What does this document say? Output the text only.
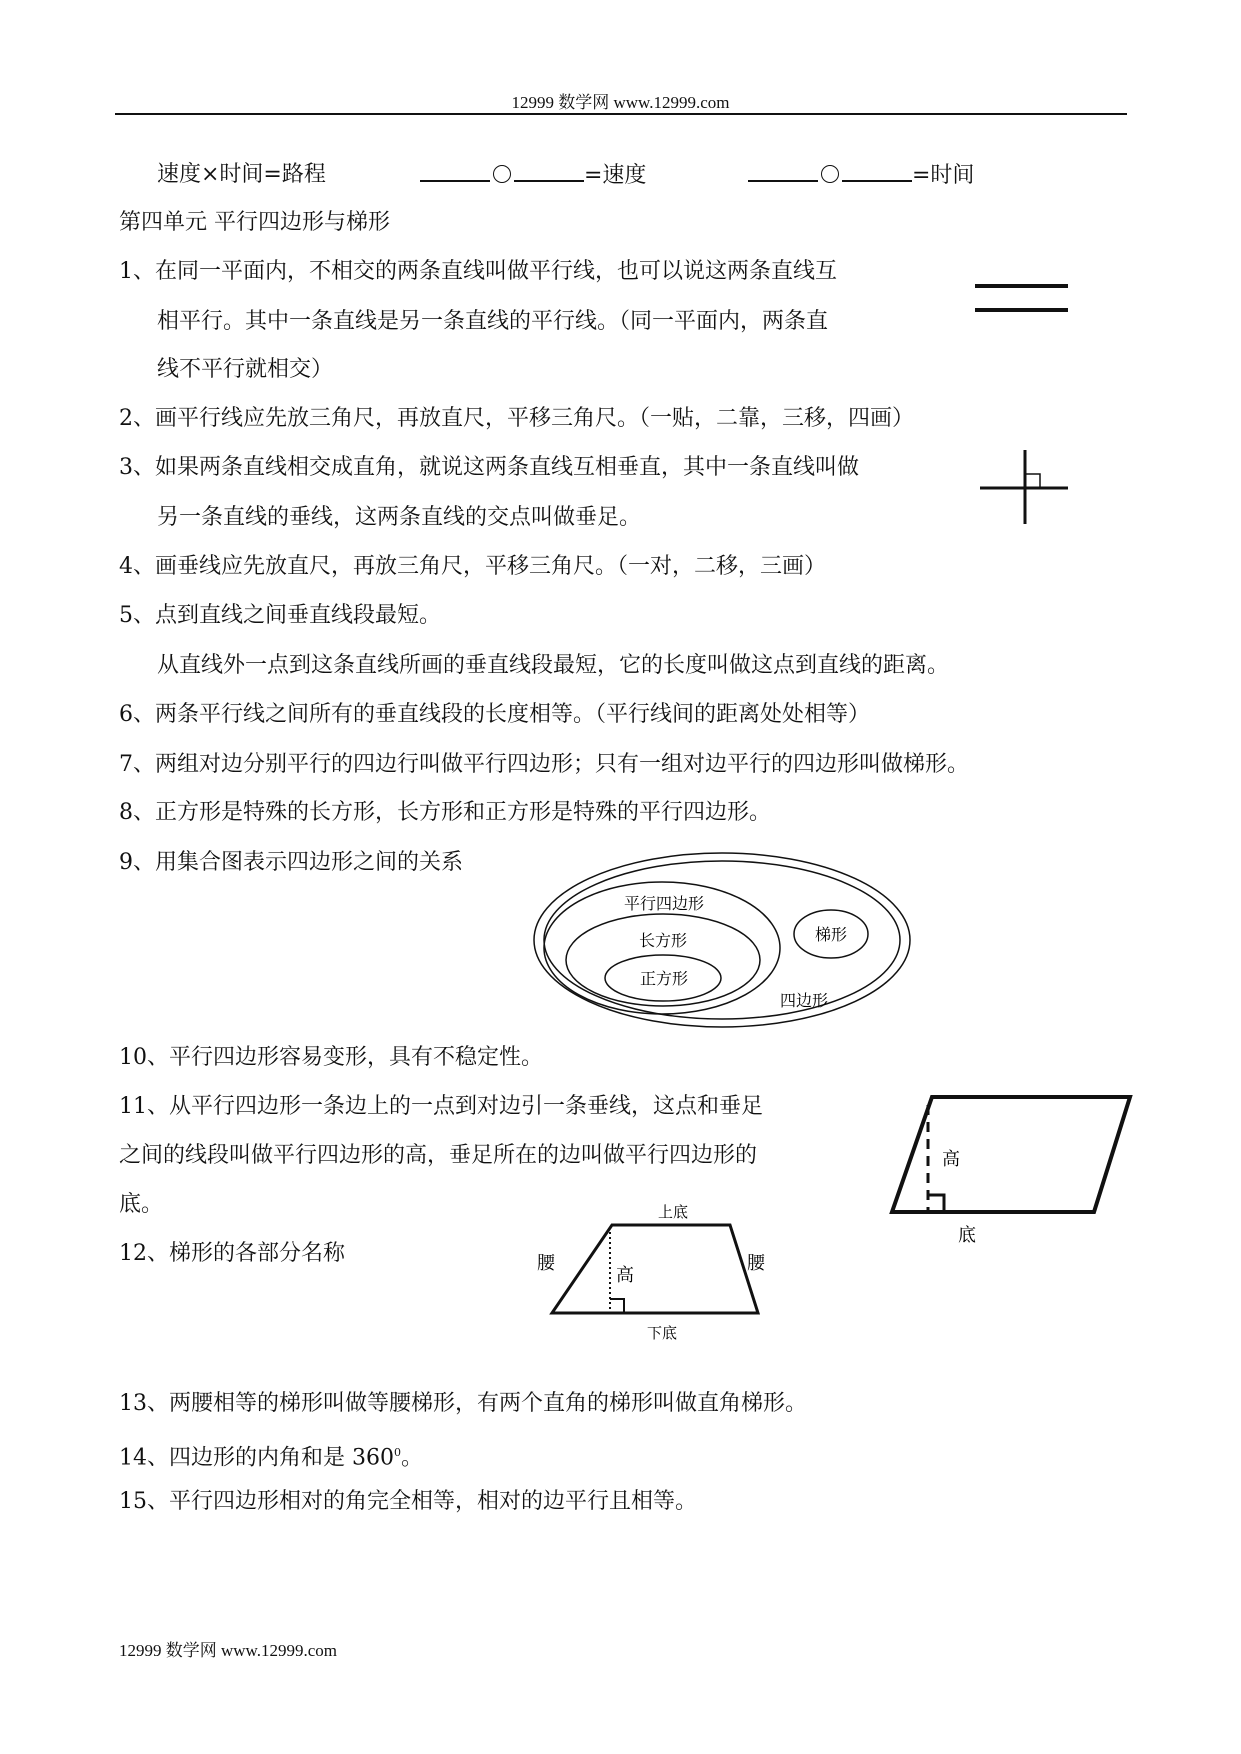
12999 数学网 www.12999.com
速度×时间=路程	=速度	=时间
第四单元 平行四边形与梯形
1、在同一平面内，不相交的两条直线叫做平行线，也可以说这两条直线互
相平行。其中一条直线是另一条直线的平行线。（同一平面内，两条直
线不平行就相交）
2、画平行线应先放三角尺，再放直尺，平移三角尺。（一贴，二靠，三移，四画）
3、如果两条直线相交成直角，就说这两条直线互相垂直，其中一条直线叫做
另一条直线的垂线，这两条直线的交点叫做垂足。
4、画垂线应先放直尺，再放三角尺，平移三角尺。（一对，二移，三画）
5、点到直线之间垂直线段最短。
从直线外一点到这条直线所画的垂直线段最短，它的长度叫做这点到直线的距离。
6、两条平行线之间所有的垂直线段的长度相等。（平行线间的距离处处相等）
7、两组对边分别平行的四边行叫做平行四边形；只有一组对边平行的四边形叫做梯形。
8、正方形是特殊的长方形，长方形和正方形是特殊的平行四边形。
9、用集合图表示四边形之间的关系
平行四边形
长方形
正方形
梯形
四边形
10、平行四边形容易变形，具有不稳定性。
11、从平行四边形一条边上的一点到对边引一条垂线，这点和垂足
之间的线段叫做平行四边形的高，垂足所在的边叫做平行四边形的
底。
高
底
12、梯形的各部分名称
上底
下底
腰	腰
高
13、两腰相等的梯形叫做等腰梯形，有两个直角的梯形叫做直角梯形。
14、四边形的内角和是 $360^0$。
15、平行四边形相对的角完全相等，相对的边平行且相等。
12999 数学网 www.12999.com
